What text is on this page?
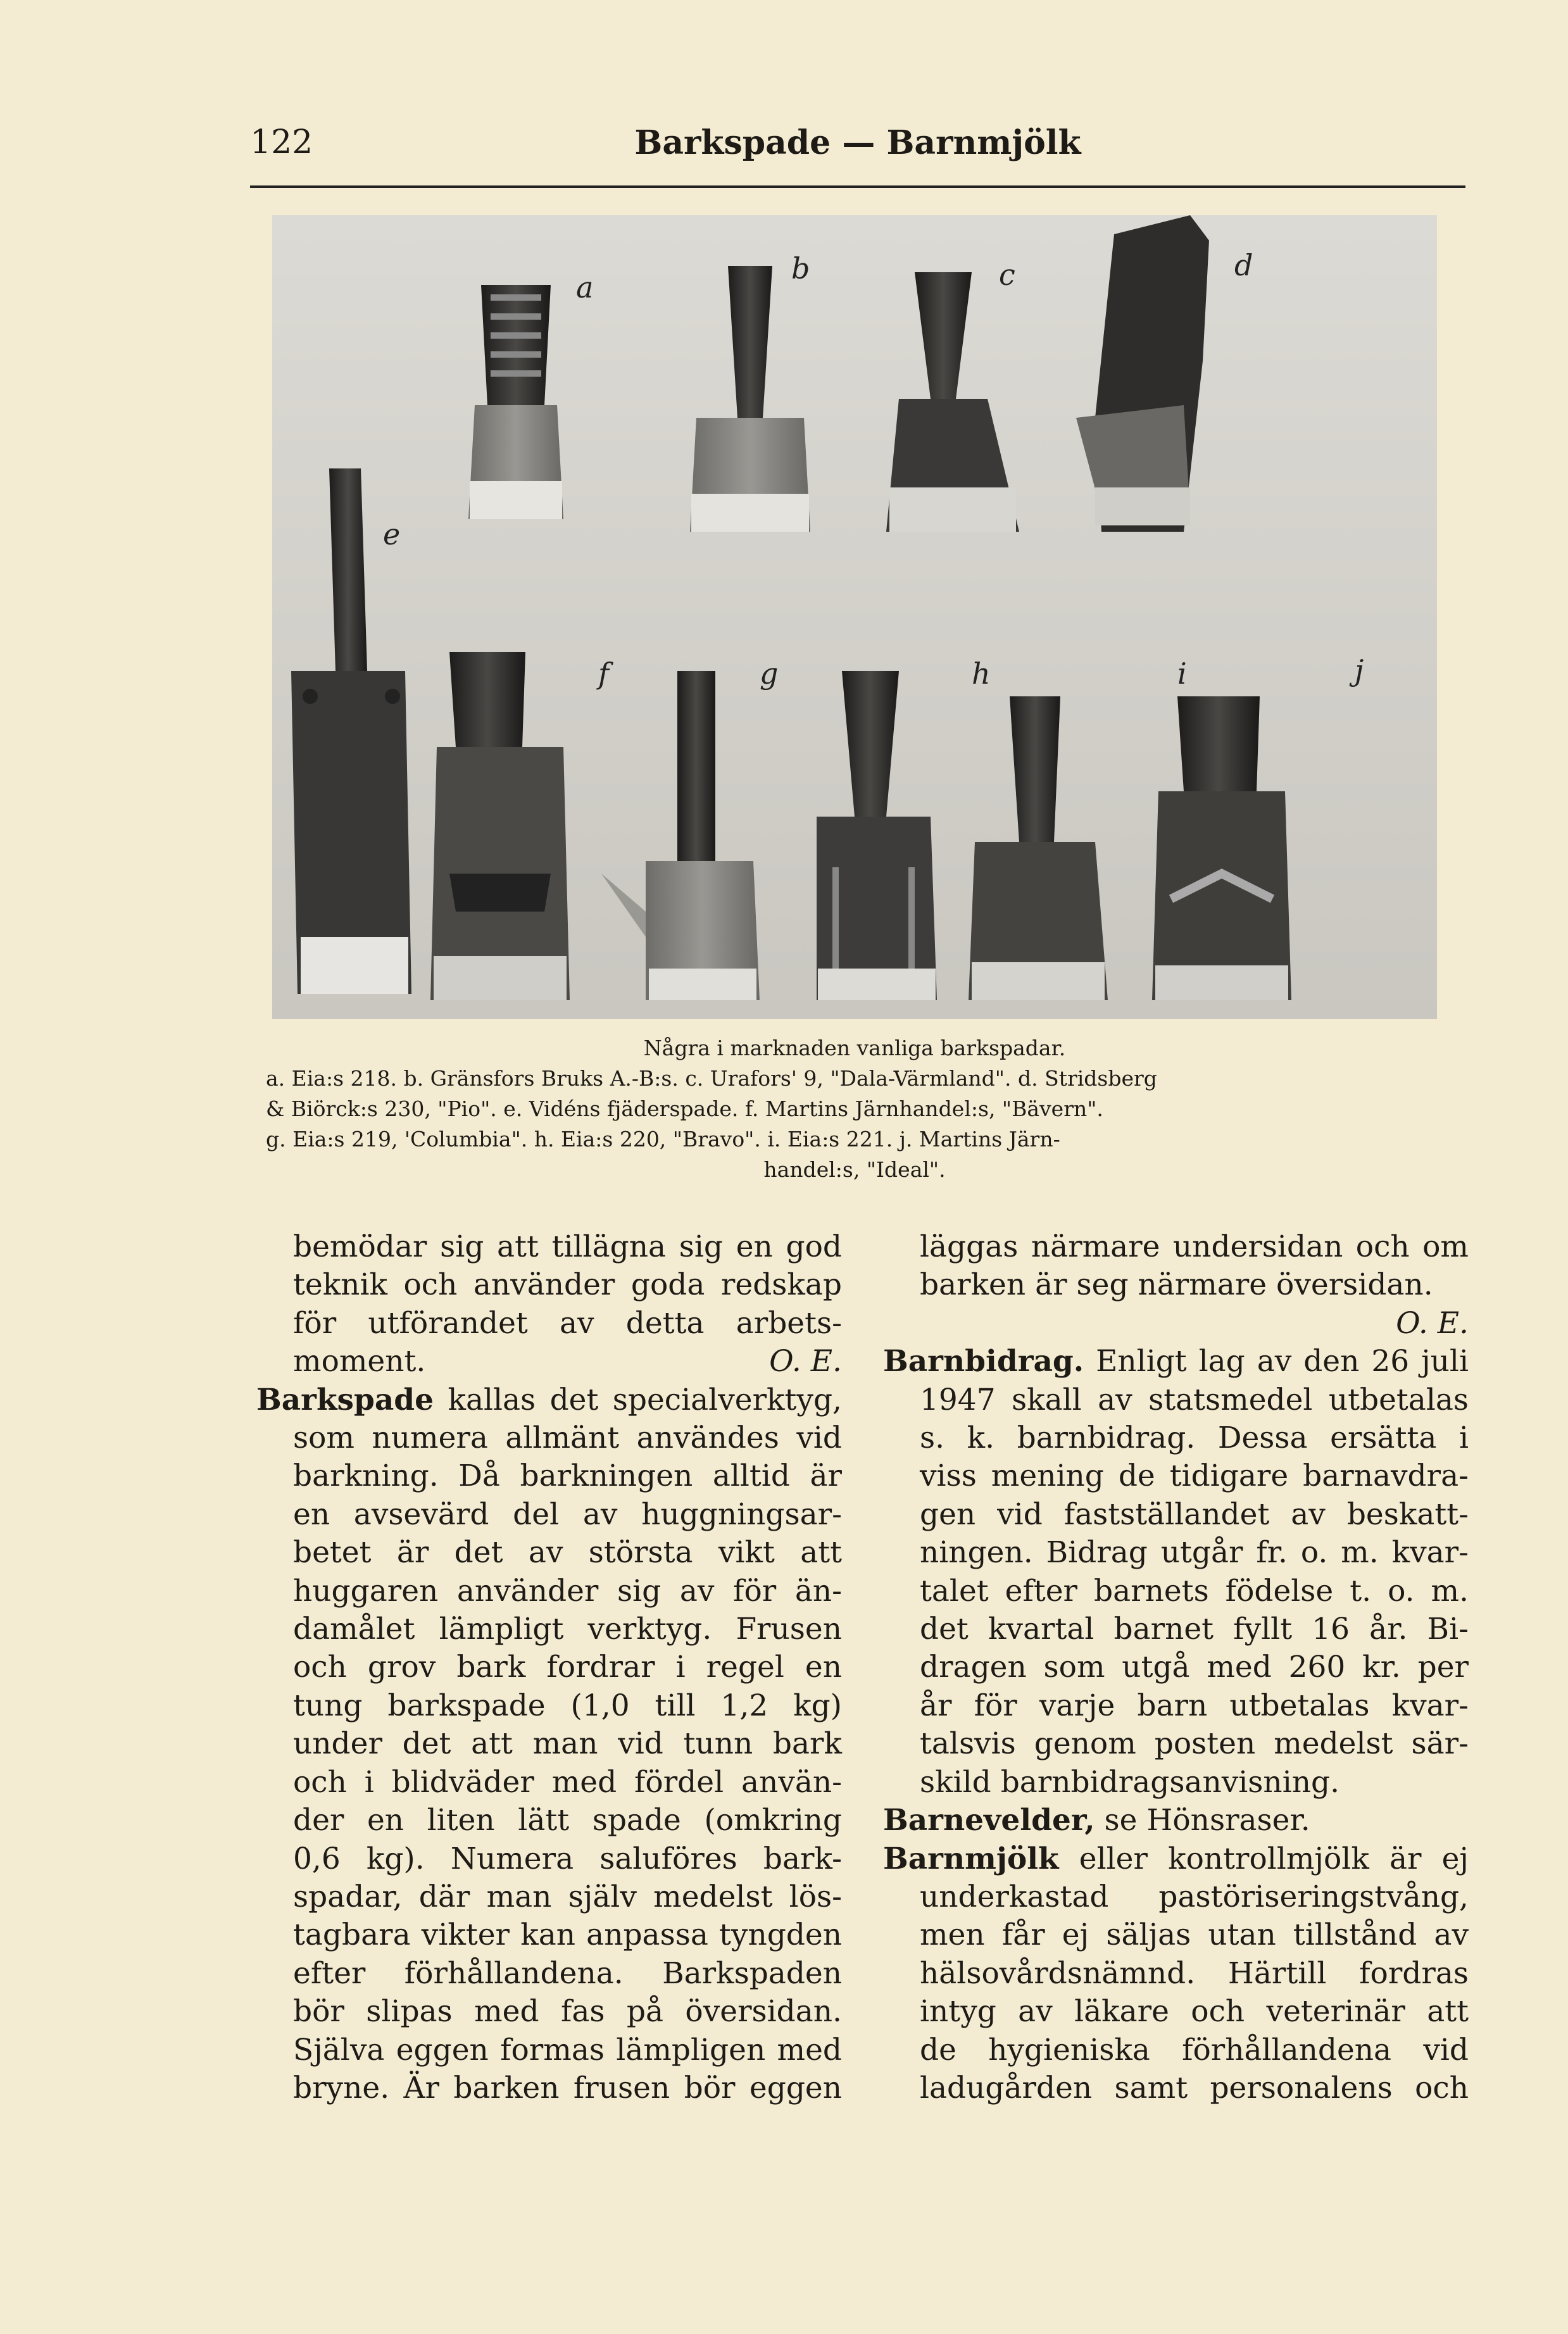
122	Barkspade — Barnmjölk
a
b	c	d
e
f	g	h	i	j

Några i marknaden vanliga barkspadar.

a. Eia:s 218. b. Gränsfors Bruks A.-B:s. c. Urafors' 9, "Dala-Värmland". d. Stridsberg

& Biörck:s 230, "Pio". e. Vidéns fjäderspade. f. Martins Järnhandel:s, "Bävern".

g. Eia:s 219, 'Columbia". h. Eia:s 220, "Bravo". i. Eia:s 221. j. Martins Järn-

handel:s, "Ideal".

bemödar sig att tillägna sig en god
teknik och använder goda redskap
för utförandet av detta arbets-
moment.	O. E.
Barkspade kallas det specialverktyg,
som numera allmänt användes vid
barkning. Då barkningen alltid är
en avsevärd del av huggningsar-
betet är det av största vikt att
huggaren använder sig av för än-
damålet lämpligt verktyg. Frusen
och grov bark fordrar i regel en
tung barkspade (1,0 till 1,2 kg)
under det att man vid tunn bark
och i blidväder med fördel använ-
der en liten lätt spade (omkring
0,6 kg). Numera saluföres bark-
spadar, där man själv medelst lös-
tagbara vikter kan anpassa tyngden
efter förhållandena. Barkspaden
bör slipas med fas på översidan.
Själva eggen formas lämpligen med
bryne. Är barken frusen bör eggen
läggas närmare undersidan och om
barken är seg närmare översidan.
O. E.
Barnbidrag. Enligt lag av den 26 juli
1947 skall av statsmedel utbetalas
s. k. barnbidrag. Dessa ersätta i
viss mening de tidigare barnavdra-
gen vid fastställandet av beskatt-
ningen. Bidrag utgår fr. o. m. kvar-
talet efter barnets födelse t. o. m.
det kvartal barnet fyllt 16 år. Bi-
dragen som utgå med 260 kr. per
år för varje barn utbetalas kvar-
talsvis genom posten medelst sär-
skild barnbidragsanvisning.
Barnevelder, se Hönsraser.
Barnmjölk eller kontrollmjölk är ej
underkastad pastöriseringstvång,
men får ej säljas utan tillstånd av
hälsovårdsnämnd. Härtill fordras
intyg av läkare och veterinär att
de hygieniska förhållandena vid
ladugården samt personalens och
